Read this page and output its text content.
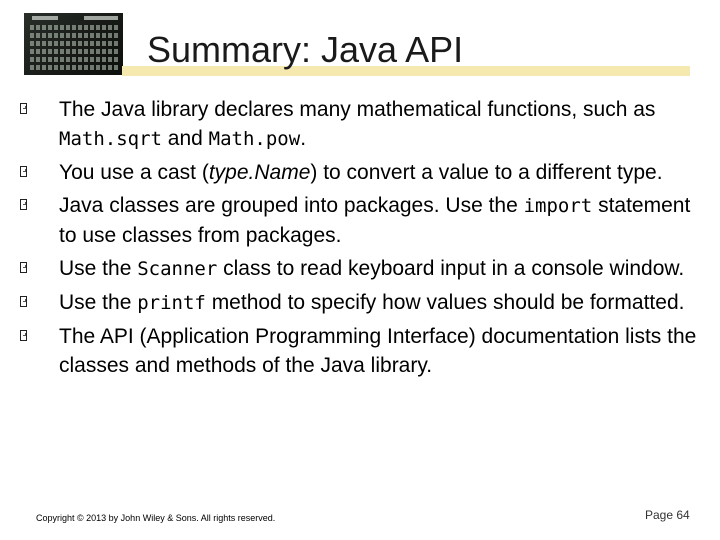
Summary: Java API
The Java library declares many mathematical functions, such as Math.sqrt and Math.pow.
You use a cast (type.Name) to convert a value to a different type.
Java classes are grouped into packages. Use the import statement to use classes from packages.
Use the Scanner class to read keyboard input in a console window.
Use the printf method to specify how values should be formatted.
The API (Application Programming Interface) documentation lists the classes and methods of the Java library.
Copyright © 2013 by John Wiley & Sons. All rights reserved.	Page 64
